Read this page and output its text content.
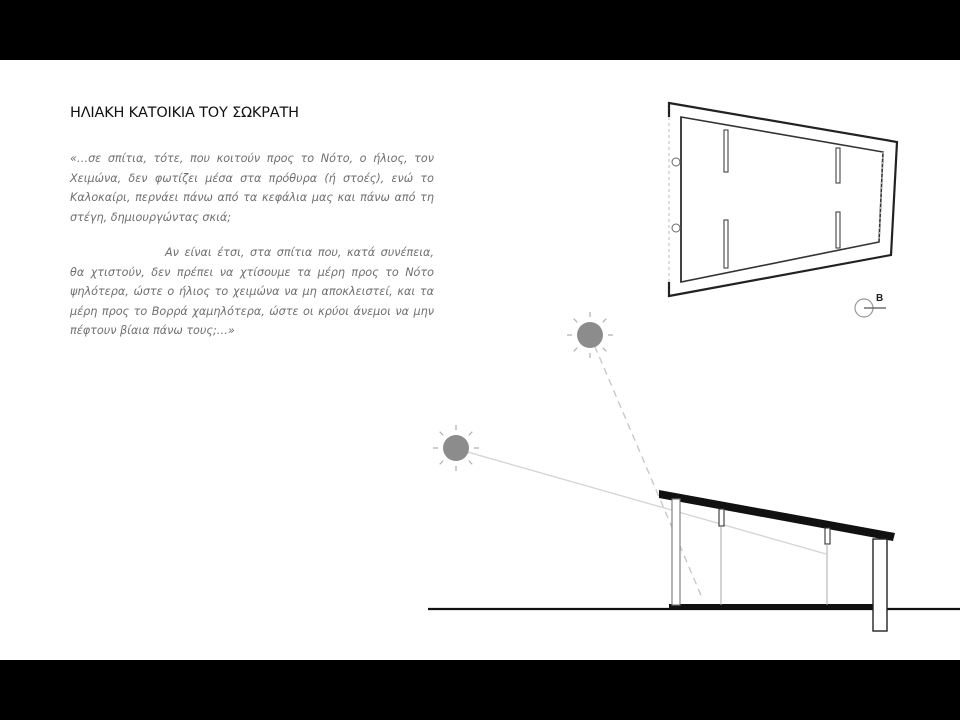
ΗΛΙΑΚΗ ΚΑΤΟΙΚΙΑ ΤΟΥ ΣΩΚΡΑΤΗ

«…σε σπίτια, τότε, που κοιτούν προς το Νότο, ο ήλιος, τον Χειμώνα, δεν φωτίζει μέσα στα πρόθυρα (ή στοές), ενώ το Καλοκαίρι, περνάει πάνω από τα κεφάλια μας και πάνω από τη στέγη, δημιουργώντας σκιά;

Αν είναι έτσι, στα σπίτια που, κατά συνέπεια, θα χτιστούν, δεν πρέπει να χτίσουμε τα μέρη προς το Νότο ψηλότερα, ώστε ο ήλιος το χειμώνα να μη αποκλειστεί, και τα μέρη προς το Βορρά χαμηλότερα, ώστε οι κρύοι άνεμοι να μην πέφτουν βίαια πάνω τους;…»

B
